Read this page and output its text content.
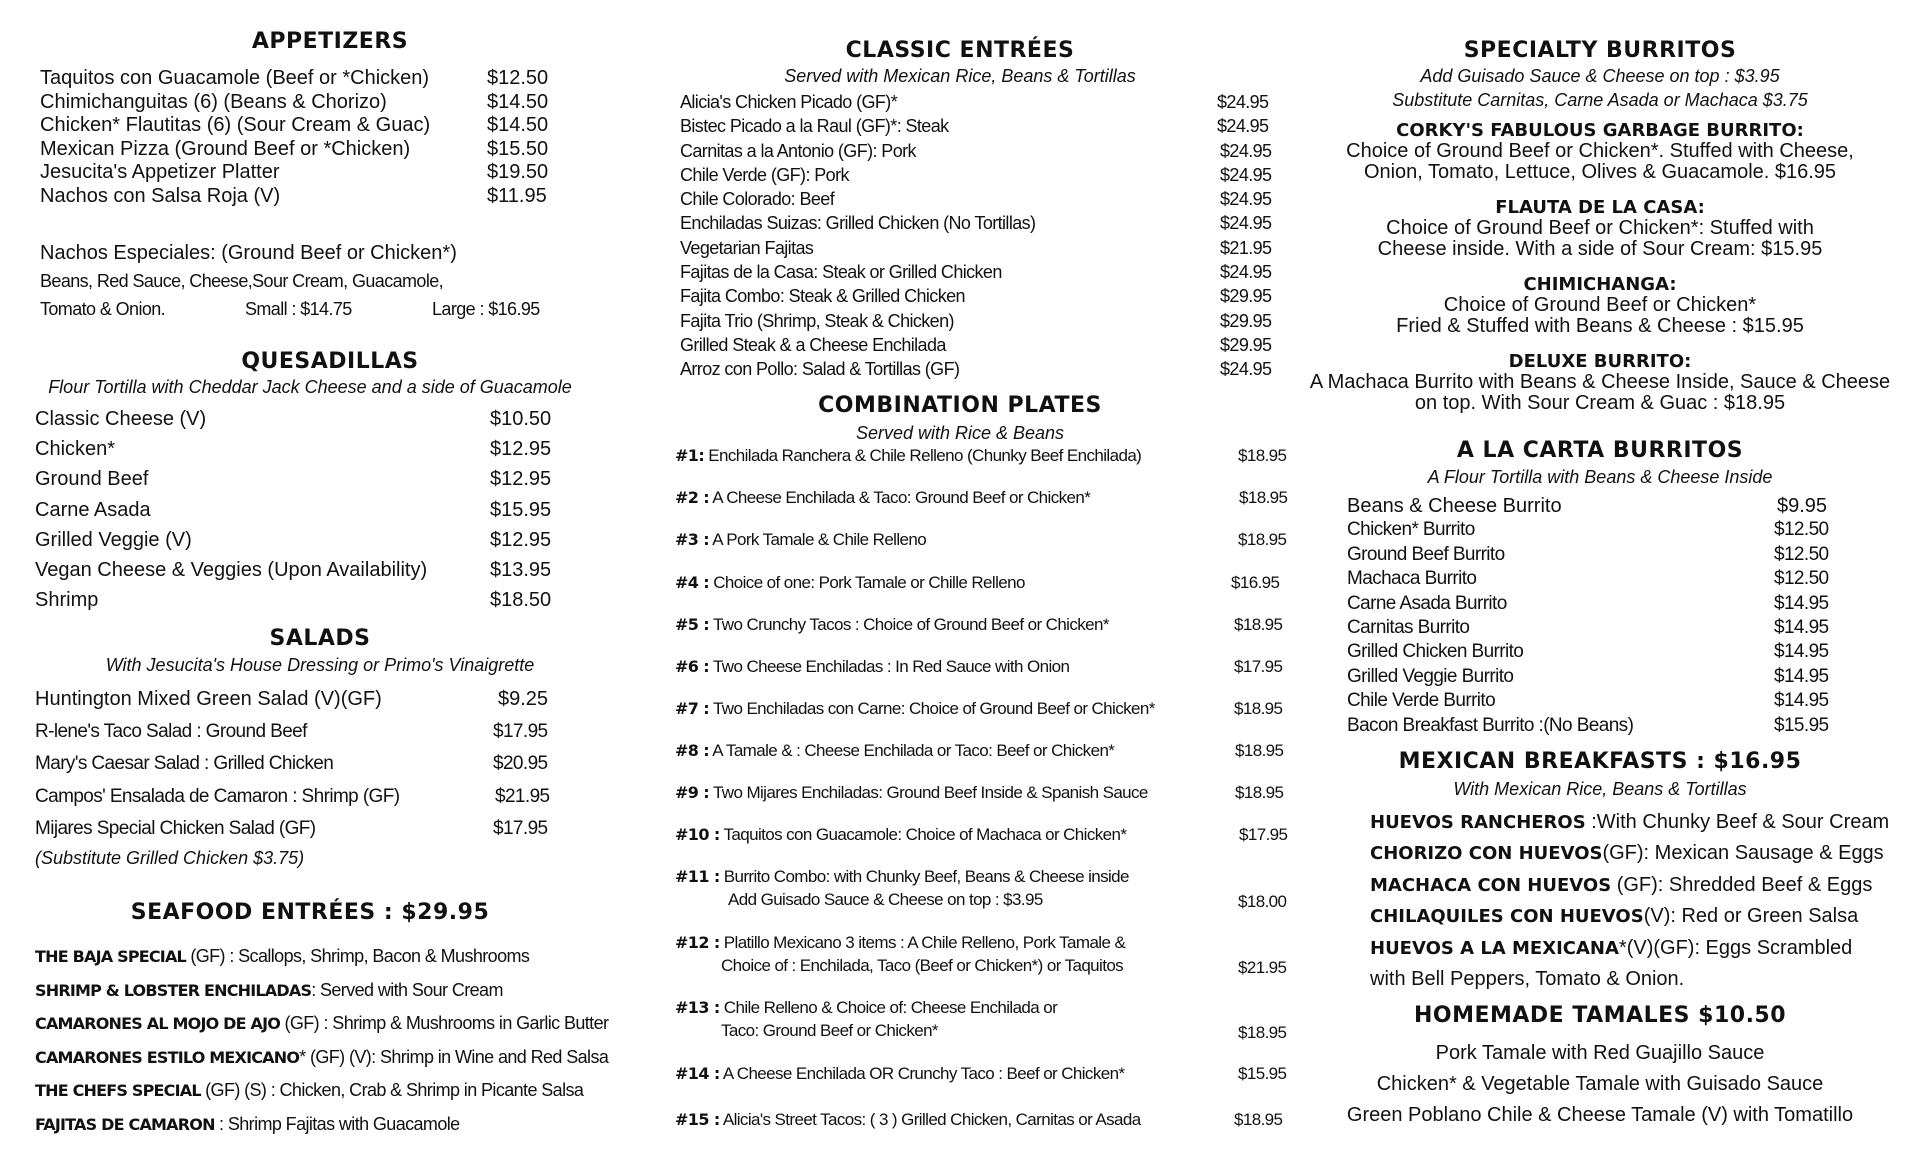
APPETIZERS
Taquitos con Guacamole (Beef or *Chicken)	$12.50
Chimichanguitas (6) (Beans & Chorizo)	$14.50
Chicken* Flautitas (6) (Sour Cream & Guac)	$14.50
Mexican Pizza (Ground Beef or *Chicken)	$15.50
Jesucita's Appetizer Platter	$19.50
Nachos con Salsa Roja (V)	$11.95
Nachos Especiales: (Ground Beef or Chicken*)
Beans, Red Sauce, Cheese,Sour Cream, Guacamole,
Tomato & Onion.	Small : $14.75	Large : $16.95
QUESADILLAS
Flour Tortilla with Cheddar Jack Cheese and a side of Guacamole
Classic Cheese (V)	$10.50
Chicken*	$12.95
Ground Beef	$12.95
Carne Asada	$15.95
Grilled Veggie (V)	$12.95
Vegan Cheese & Veggies (Upon Availability)	$13.95
Shrimp	$18.50
SALADS
With Jesucita's House Dressing or Primo's Vinaigrette
Huntington Mixed Green Salad (V)(GF)	$9.25
R-lene's Taco Salad : Ground Beef	$17.95
Mary's Caesar Salad : Grilled Chicken	$20.95
Campos' Ensalada de Camaron : Shrimp (GF)	$21.95
Mijares Special Chicken Salad (GF)	$17.95
(Substitute Grilled Chicken $3.75)
SEAFOOD ENTRÉES : $29.95
THE BAJA SPECIAL (GF) : Scallops, Shrimp, Bacon & Mushrooms
SHRIMP & LOBSTER ENCHILADAS: Served with Sour Cream
CAMARONES AL MOJO DE AJO (GF) : Shrimp & Mushrooms in Garlic Butter
CAMARONES ESTILO MEXICANO* (GF) (V): Shrimp in Wine and Red Salsa
THE CHEFS SPECIAL (GF) (S) : Chicken, Crab & Shrimp in Picante Salsa
FAJITAS DE CAMARON : Shrimp Fajitas with Guacamole
CLASSIC ENTRÉES
Served with Mexican Rice, Beans & Tortillas
Alicia's Chicken Picado (GF)*	$24.95
Bistec Picado a la Raul (GF)*: Steak	$24.95
Carnitas a la Antonio (GF): Pork	$24.95
Chile Verde (GF): Pork	$24.95
Chile Colorado: Beef	$24.95
Enchiladas Suizas: Grilled Chicken (No Tortillas)	$24.95
Vegetarian Fajitas	$21.95
Fajitas de la Casa: Steak or Grilled Chicken	$24.95
Fajita Combo: Steak & Grilled Chicken	$29.95
Fajita Trio (Shrimp, Steak & Chicken)	$29.95
Grilled Steak & a Cheese Enchilada	$29.95
Arroz con Pollo: Salad & Tortillas (GF)	$24.95
COMBINATION PLATES
Served with Rice & Beans
#1: Enchilada Ranchera & Chile Relleno (Chunky Beef Enchilada)	$18.95
#2 : A Cheese Enchilada & Taco: Ground Beef or Chicken*	$18.95
#3 : A Pork Tamale & Chile Relleno	$18.95
#4 : Choice of one: Pork Tamale or Chille Relleno	$16.95
#5 : Two Crunchy Tacos : Choice of Ground Beef or Chicken*	$18.95
#6 : Two Cheese Enchiladas : In Red Sauce with Onion	$17.95
#7 : Two Enchiladas con Carne: Choice of Ground Beef or Chicken*	$18.95
#8 : A Tamale & : Cheese Enchilada or Taco: Beef or Chicken*	$18.95
#9 : Two Mijares Enchiladas: Ground Beef Inside & Spanish Sauce	$18.95
#10 : Taquitos con Guacamole: Choice of Machaca or Chicken*	$17.95
#11 : Burrito Combo: with Chunky Beef, Beans & Cheese inside
Add Guisado Sauce & Cheese on top : $3.95	$18.00
#12 : Platillo Mexicano 3 items : A Chile Relleno, Pork Tamale &
Choice of : Enchilada, Taco (Beef or Chicken*) or Taquitos	$21.95
#13 : Chile Relleno & Choice of: Cheese Enchilada or
Taco: Ground Beef or Chicken*	$18.95
#14 : A Cheese Enchilada OR Crunchy Taco : Beef or Chicken*	$15.95
#15 : Alicia's Street Tacos: ( 3 ) Grilled Chicken, Carnitas or Asada	$18.95
SPECIALTY BURRITOS
Add Guisado Sauce & Cheese on top : $3.95
Substitute Carnitas, Carne Asada or Machaca $3.75
CORKY'S FABULOUS GARBAGE BURRITO:
Choice of Ground Beef or Chicken*. Stuffed with Cheese,
Onion, Tomato, Lettuce, Olives & Guacamole. $16.95
FLAUTA DE LA CASA:
Choice of Ground Beef or Chicken*: Stuffed with
Cheese inside. With a side of Sour Cream: $15.95
CHIMICHANGA:
Choice of Ground Beef or Chicken*
Fried & Stuffed with Beans & Cheese : $15.95
DELUXE BURRITO:
A Machaca Burrito with Beans & Cheese Inside, Sauce & Cheese
on top. With Sour Cream & Guac : $18.95
A LA CARTA BURRITOS
A Flour Tortilla with Beans & Cheese Inside
Beans & Cheese Burrito	$9.95
Chicken* Burrito	$12.50
Ground Beef Burrito	$12.50
Machaca Burrito	$12.50
Carne Asada Burrito	$14.95
Carnitas Burrito	$14.95
Grilled Chicken Burrito	$14.95
Grilled Veggie Burrito	$14.95
Chile Verde Burrito	$14.95
Bacon Breakfast Burrito :(No Beans)	$15.95
MEXICAN BREAKFASTS : $16.95
With Mexican Rice, Beans & Tortillas
HUEVOS RANCHEROS :With Chunky Beef & Sour Cream
CHORIZO CON HUEVOS(GF): Mexican Sausage & Eggs
MACHACA CON HUEVOS (GF): Shredded Beef & Eggs
CHILAQUILES CON HUEVOS(V): Red or Green Salsa
HUEVOS A LA MEXICANA*(V)(GF): Eggs Scrambled
with Bell Peppers, Tomato & Onion.
HOMEMADE TAMALES $10.50
Pork Tamale with Red Guajillo Sauce
Chicken* & Vegetable Tamale with Guisado Sauce
Green Poblano Chile & Cheese Tamale (V) with Tomatillo
